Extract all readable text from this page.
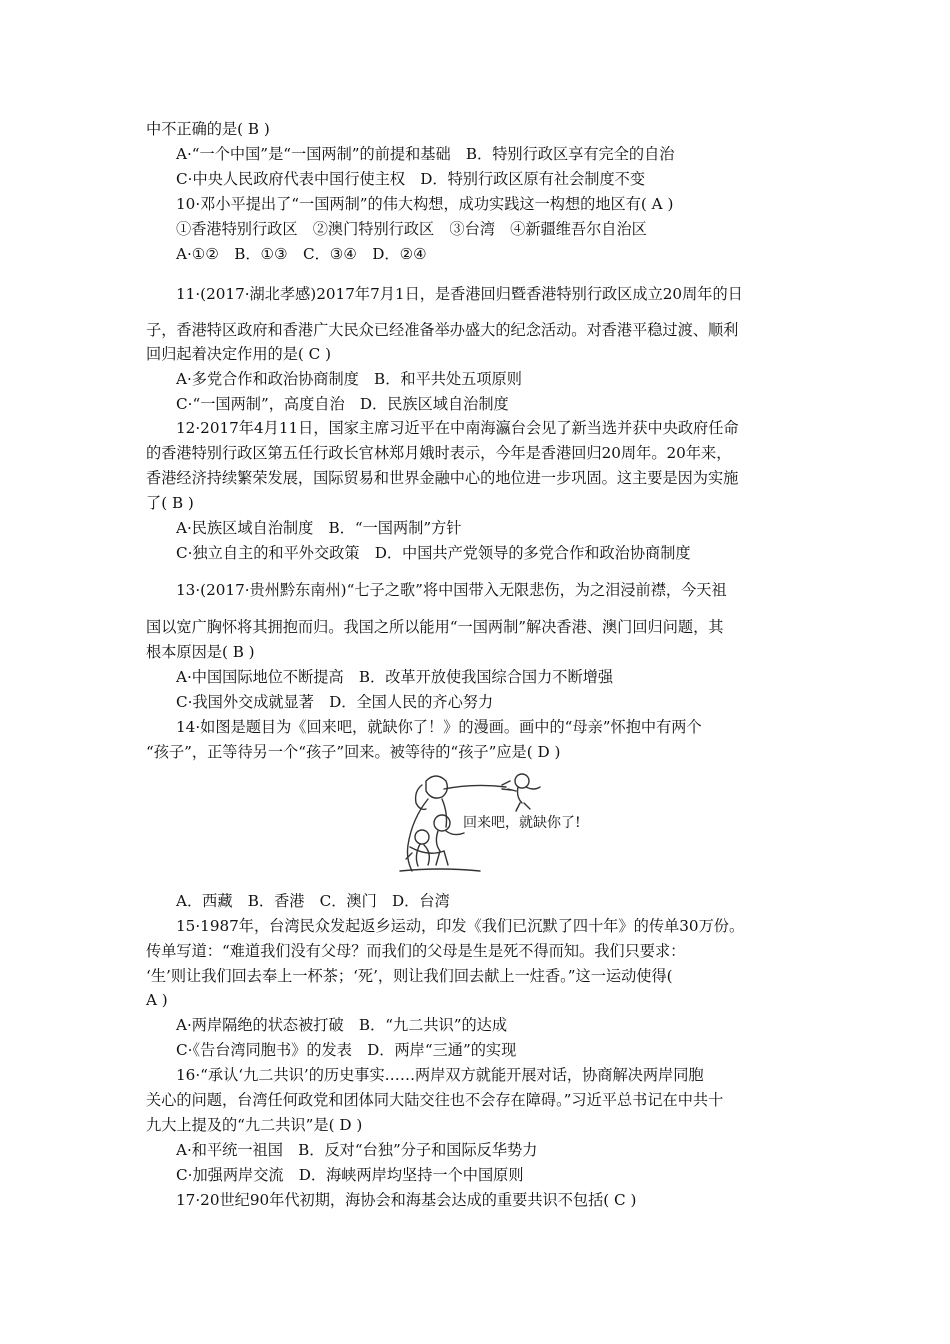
中不正确的是( B )
A·“一个中国”是“一国两制”的前提和基础　B．特别行政区享有完全的自治
C·中央人民政府代表中国行使主权　D．特别行政区原有社会制度不变
10·邓小平提出了“一国两制”的伟大构想，成功实践这一构想的地区有( A )
①香港特别行政区　②澳门特别行政区　③台湾　④新疆维吾尔自治区
A·①②　B．①③　C．③④　D．②④
11·(2017·湖北孝感)2017年7月1日，是香港回归暨香港特别行政区成立20周年的日
子，香港特区政府和香港广大民众已经准备举办盛大的纪念活动。对香港平稳过渡、顺利
回归起着决定作用的是( C )
A·多党合作和政治协商制度　B．和平共处五项原则
C·“一国两制”，高度自治　D．民族区域自治制度
12·2017年4月11日，国家主席习近平在中南海瀛台会见了新当选并获中央政府任命
的香港特别行政区第五任行政长官林郑月娥时表示，今年是香港回归20周年。20年来，
香港经济持续繁荣发展，国际贸易和世界金融中心的地位进一步巩固。这主要是因为实施
了( B )
A·民族区域自治制度　B．“一国两制”方针
C·独立自主的和平外交政策　D．中国共产党领导的多党合作和政治协商制度
13·(2017·贵州黔东南州)“七子之歌”将中国带入无限悲伤，为之泪浸前襟，今天祖
国以宽广胸怀将其拥抱而归。我国之所以能用“一国两制”解决香港、澳门回归问题，其
根本原因是( B )
A·中国国际地位不断提高　B．改革开放使我国综合国力不断增强
C·我国外交成就显著　D．全国人民的齐心努力
14·如图是题目为《回来吧，就缺你了！》的漫画。画中的“母亲”怀抱中有两个
“孩子”，正等待另一个“孩子”回来。被等待的“孩子”应是( D )
回来吧，就缺你了!
A．西藏　B．香港　C．澳门　D．台湾
15·1987年，台湾民众发起返乡运动，印发《我们已沉默了四十年》的传单30万份。
传单写道：“难道我们没有父母？而我们的父母是生是死不得而知。我们只要求：
‘生’则让我们回去奉上一杯茶；‘死’，则让我们回去献上一炷香。”这一运动使得(
A )
A·两岸隔绝的状态被打破　B．“九二共识”的达成
C·《告台湾同胞书》的发表　D．两岸“三通”的实现
16·“承认‘九二共识’的历史事实……两岸双方就能开展对话，协商解决两岸同胞
关心的问题，台湾任何政党和团体同大陆交往也不会存在障碍。”习近平总书记在中共十
九大上提及的“九二共识”是( D )
A·和平统一祖国　B．反对“台独”分子和国际反华势力
C·加强两岸交流　D．海峡两岸均坚持一个中国原则
17·20世纪90年代初期，海协会和海基会达成的重要共识不包括( C )
